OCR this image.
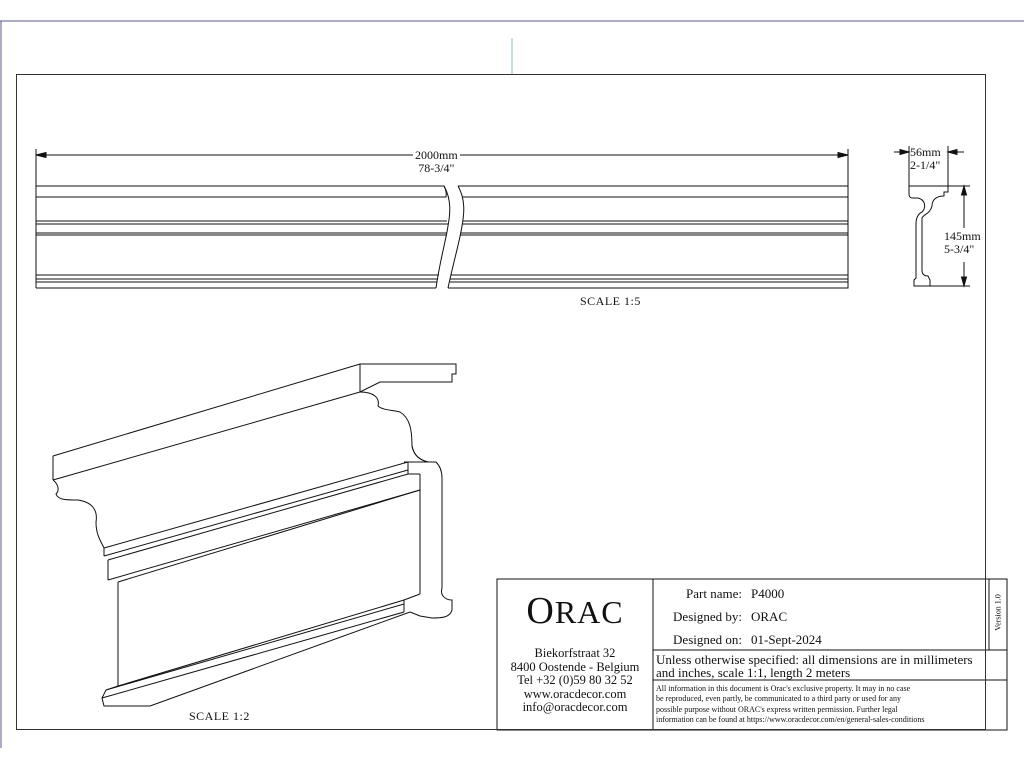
2000mm
78-3/4"
56mm
2-1/4"
145mm
5-3/4"
SCALE 1:5
SCALE 1:2
ORAC
Biekorfstraat 32
8400 Oostende - Belgium
Tel +32 (0)59 80 32 52
www.oracdecor.com
info@oracdecor.com
Part name: P4000
Designed by: ORAC
Designed on: 01-Sept-2024
Unless otherwise specified: all dimensions are in millimeters
and inches, scale 1:1, length 2 meters
All information in this document is Orac's exclusive property. It may in no case
be reproduced, even partly, be communicated to a third party or used for any
possible purpose without ORAC's express written permission. Further legal
information can be found at https://www.oracdecor.com/en/general-sales-conditions
Version 1.0
